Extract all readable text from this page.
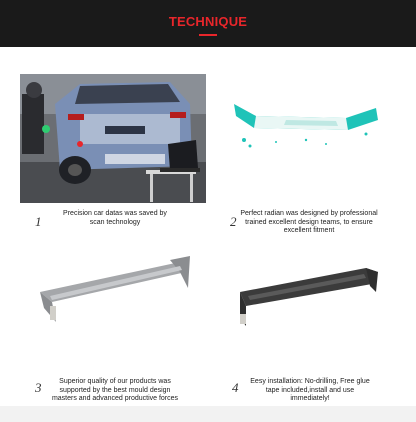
TECHNIQUE
1
Precision car datas was saved by scan technology	2
Perfect radian was designed by professional trained excellent design teams, to ensure excellent fitment
3	Superior quality of our products was supported by the best mould design masters and advanced productive forces
4	Eesy installation: No-drilling, Free glue tape included,install and use immediately!
